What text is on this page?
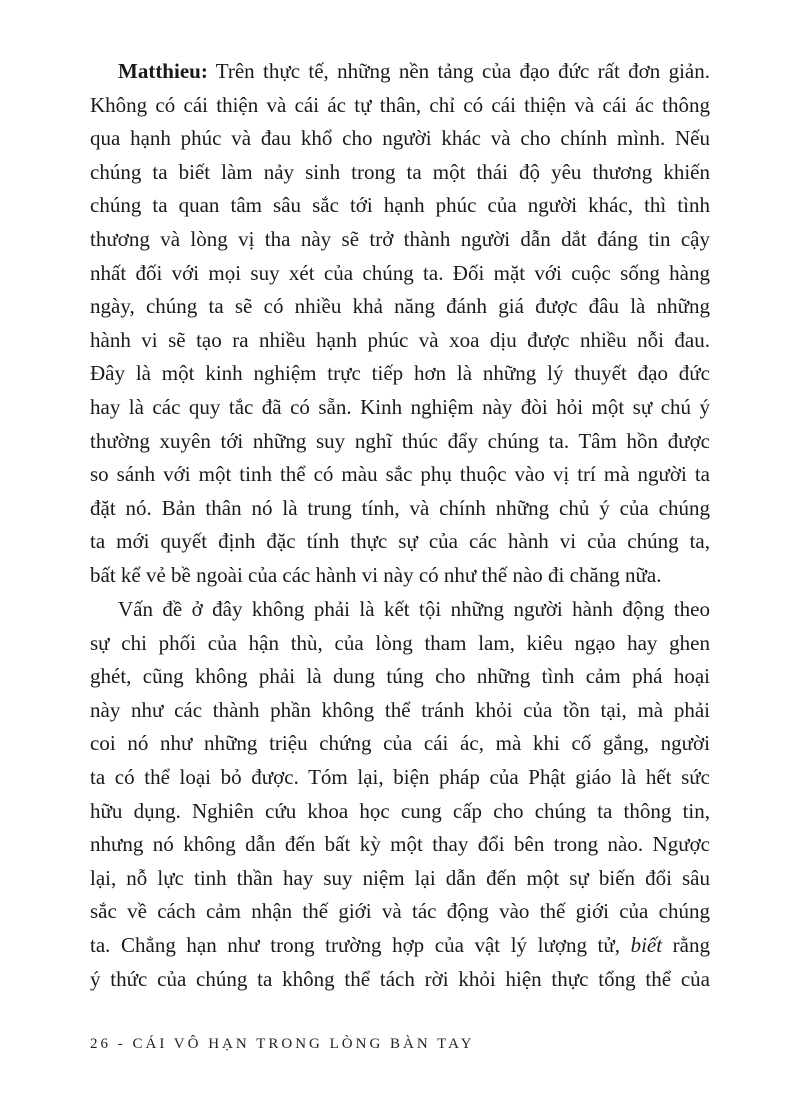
Matthieu: Trên thực tế, những nền tảng của đạo đức rất đơn giản.
Không có cái thiện và cái ác tự thân, chỉ có cái thiện và cái ác thông
qua hạnh phúc và đau khổ cho người khác và cho chính mình. Nếu
chúng ta biết làm nảy sinh trong ta một thái độ yêu thương khiến
chúng ta quan tâm sâu sắc tới hạnh phúc của người khác, thì tình
thương và lòng vị tha này sẽ trở thành người dẫn dắt đáng tin cậy
nhất đối với mọi suy xét của chúng ta. Đối mặt với cuộc sống hàng
ngày, chúng ta sẽ có nhiều khả năng đánh giá được đâu là những
hành vi sẽ tạo ra nhiều hạnh phúc và xoa dịu được nhiều nỗi đau.
Đây là một kinh nghiệm trực tiếp hơn là những lý thuyết đạo đức
hay là các quy tắc đã có sẵn. Kinh nghiệm này đòi hỏi một sự chú ý
thường xuyên tới những suy nghĩ thúc đẩy chúng ta. Tâm hồn được
so sánh với một tinh thể có màu sắc phụ thuộc vào vị trí mà người ta
đặt nó. Bản thân nó là trung tính, và chính những chủ ý của chúng
ta mới quyết định đặc tính thực sự của các hành vi của chúng ta,
bất kể vẻ bề ngoài của các hành vi này có như thế nào đi chăng nữa.
Vấn đề ở đây không phải là kết tội những người hành động theo
sự chi phối của hận thù, của lòng tham lam, kiêu ngạo hay ghen
ghét, cũng không phải là dung túng cho những tình cảm phá hoại
này như các thành phần không thể tránh khỏi của tồn tại, mà phải
coi nó như những triệu chứng của cái ác, mà khi cố gắng, người
ta có thể loại bỏ được. Tóm lại, biện pháp của Phật giáo là hết sức
hữu dụng. Nghiên cứu khoa học cung cấp cho chúng ta thông tin,
nhưng nó không dẫn đến bất kỳ một thay đổi bên trong nào. Ngược
lại, nỗ lực tinh thần hay suy niệm lại dẫn đến một sự biến đổi sâu
sắc về cách cảm nhận thế giới và tác động vào thế giới của chúng
ta. Chẳng hạn như trong trường hợp của vật lý lượng tử, biết rằng
ý thức của chúng ta không thể tách rời khỏi hiện thực tổng thể của
26 - CÁI VÔ HẠN TRONG LÒNG BÀN TAY
